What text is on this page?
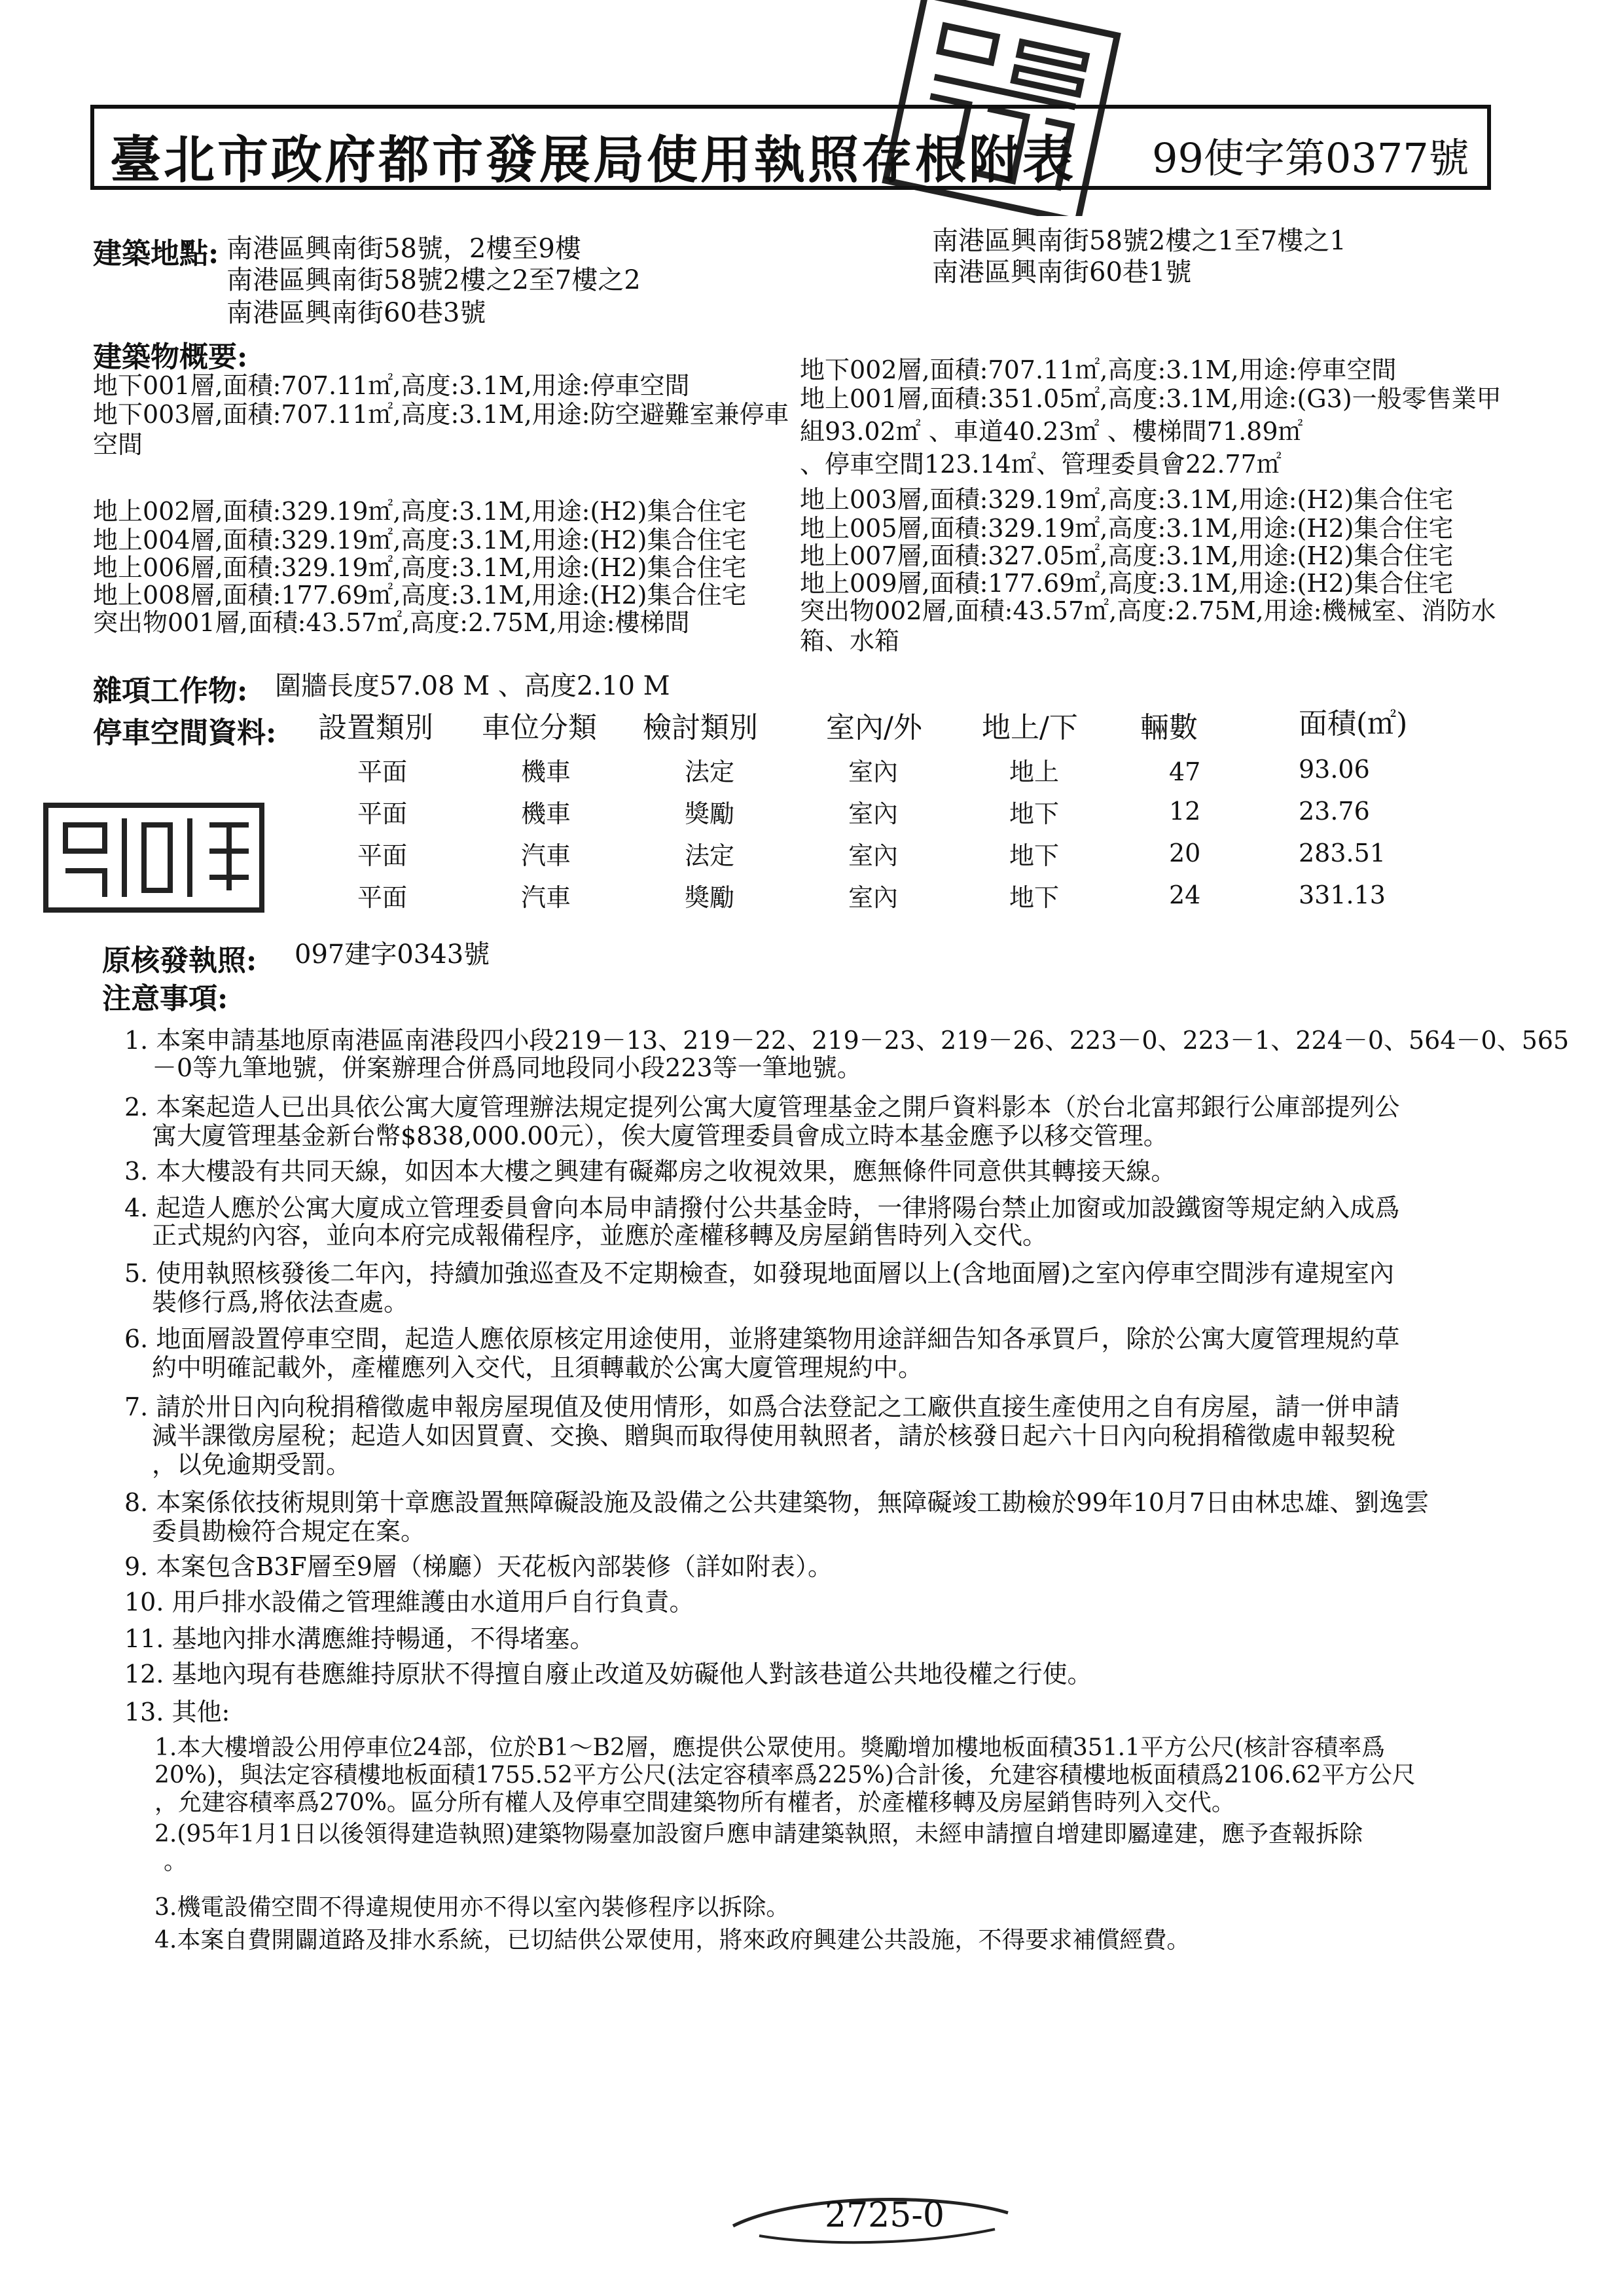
臺北市政府都市發展局使用執照存根附表 99使字第0377號
建築地點: 南港區興南街58號，2樓至9樓
南港區興南街58號2樓之2至7樓之2
南港區興南街60巷3號
南港區興南街58號2樓之1至7樓之1
南港區興南街60巷1號
建築物概要:
地下001層,面積:707.11㎡,高度:3.1M,用途:停車空間
地下003層,面積:707.11㎡,高度:3.1M,用途:防空避難室兼停車
空間
地上002層,面積:329.19㎡,高度:3.1M,用途:(H2)集合住宅
地上004層,面積:329.19㎡,高度:3.1M,用途:(H2)集合住宅
地上006層,面積:329.19㎡,高度:3.1M,用途:(H2)集合住宅
地上008層,面積:177.69㎡,高度:3.1M,用途:(H2)集合住宅
突出物001層,面積:43.57㎡,高度:2.75M,用途:樓梯間
地下002層,面積:707.11㎡,高度:3.1M,用途:停車空間
地上001層,面積:351.05㎡,高度:3.1M,用途:(G3)一般零售業甲
組93.02㎡ 、車道40.23㎡ 、樓梯間71.89㎡
、停車空間123.14㎡、管理委員會22.77㎡
地上003層,面積:329.19㎡,高度:3.1M,用途:(H2)集合住宅
地上005層,面積:329.19㎡,高度:3.1M,用途:(H2)集合住宅
地上007層,面積:327.05㎡,高度:3.1M,用途:(H2)集合住宅
地上009層,面積:177.69㎡,高度:3.1M,用途:(H2)集合住宅
突出物002層,面積:43.57㎡,高度:2.75M,用途:機械室、消防水
箱、水箱
雜項工作物: 圍牆長度57.08 M 、高度2.10 M
停車空間資料: 設置類別 車位分類 檢討類別 室內/外 地上/下 輛數	面積(㎡)
平面	機車	法定	室內	地上	47	93.06
平面	機車	獎勵	室內	地下	12	23.76
平面	汽車	法定	室內	地下	20	283.51
平面	汽車	獎勵	室內	地下	24	331.13
原核發執照: 097建字0343號
注意事項:
1. 本案申請基地原南港區南港段四小段219－13、219－22、219－23、219－26、223－0、223－1、224－0、564－0、565
－0等九筆地號，併案辦理合併爲同地段同小段223等一筆地號。
2. 本案起造人已出具依公寓大廈管理辦法規定提列公寓大廈管理基金之開戶資料影本（於台北富邦銀行公庫部提列公
寓大廈管理基金新台幣$838,000.00元），俟大廈管理委員會成立時本基金應予以移交管理。
3. 本大樓設有共同天線，如因本大樓之興建有礙鄰房之收視效果，應無條件同意供其轉接天線。
4. 起造人應於公寓大廈成立管理委員會向本局申請撥付公共基金時，一律將陽台禁止加窗或加設鐵窗等規定納入成爲
正式規約內容，並向本府完成報備程序，並應於產權移轉及房屋銷售時列入交代。
5. 使用執照核發後二年內，持續加強巡查及不定期檢查，如發現地面層以上(含地面層)之室內停車空間涉有違規室內
裝修行爲,將依法查處。
6. 地面層設置停車空間，起造人應依原核定用途使用，並將建築物用途詳細告知各承買戶，除於公寓大廈管理規約草
約中明確記載外，產權應列入交代，且須轉載於公寓大廈管理規約中。
7. 請於卅日內向稅捐稽徵處申報房屋現值及使用情形，如爲合法登記之工廠供直接生產使用之自有房屋，請一併申請
減半課徵房屋稅；起造人如因買賣、交換、贈與而取得使用執照者，請於核發日起六十日內向稅捐稽徵處申報契稅
，以免逾期受罰。
8. 本案係依技術規則第十章應設置無障礙設施及設備之公共建築物，無障礙竣工勘檢於99年10月7日由林忠雄、劉逸雲
委員勘檢符合規定在案。
9. 本案包含B3F層至9層（梯廳）天花板內部裝修（詳如附表）。
10. 用戶排水設備之管理維護由水道用戶自行負責。
11. 基地內排水溝應維持暢通，不得堵塞。
12. 基地內現有巷應維持原狀不得擅自廢止改道及妨礙他人對該巷道公共地役權之行使。
13. 其他:
1.本大樓增設公用停車位24部，位於B1～B2層，應提供公眾使用。獎勵增加樓地板面積351.1平方公尺(核計容積率爲
20%)，與法定容積樓地板面積1755.52平方公尺(法定容積率爲225%)合計後，允建容積樓地板面積爲2106.62平方公尺
，允建容積率爲270%。區分所有權人及停車空間建築物所有權者，於產權移轉及房屋銷售時列入交代。
2.(95年1月1日以後領得建造執照)建築物陽臺加設窗戶應申請建築執照，未經申請擅自增建即屬違建，應予查報拆除
。
3.機電設備空間不得違規使用亦不得以室內裝修程序以拆除。
4.本案自費開闢道路及排水系統，已切結供公眾使用，將來政府興建公共設施，不得要求補償經費。
2725-0
